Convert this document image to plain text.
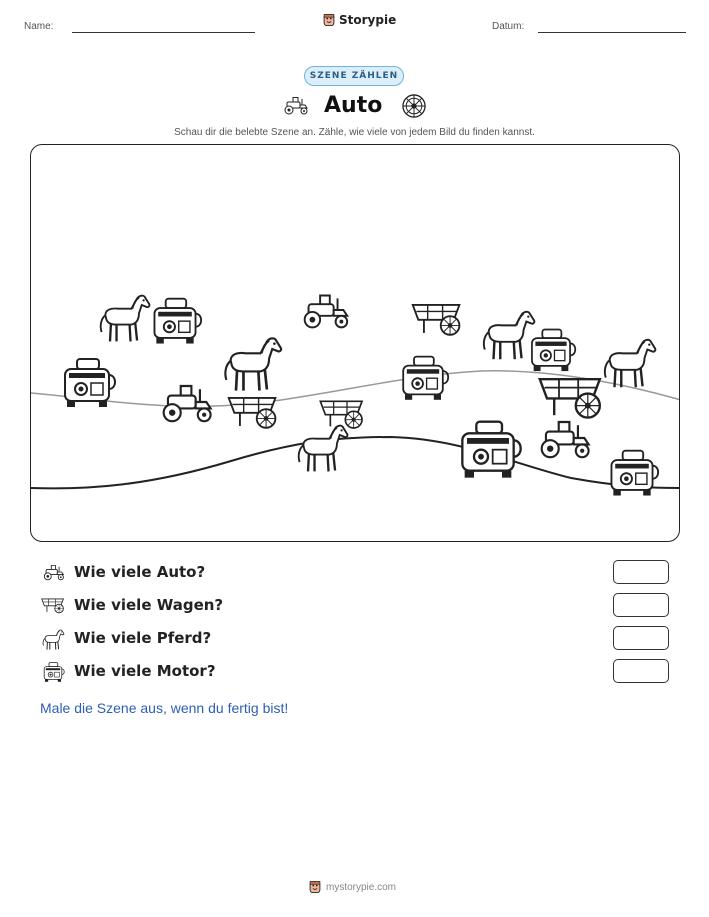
Name:	Storypie	Datum:
SZENE ZÄHLEN
Auto
Schau dir die belebte Szene an. Zähle, wie viele von jedem Bild du finden kannst.
Wie viele Auto?
Wie viele Wagen?
Wie viele Pferd?
Wie viele Motor?
Male die Szene aus, wenn du fertig bist!
mystorypie.com
